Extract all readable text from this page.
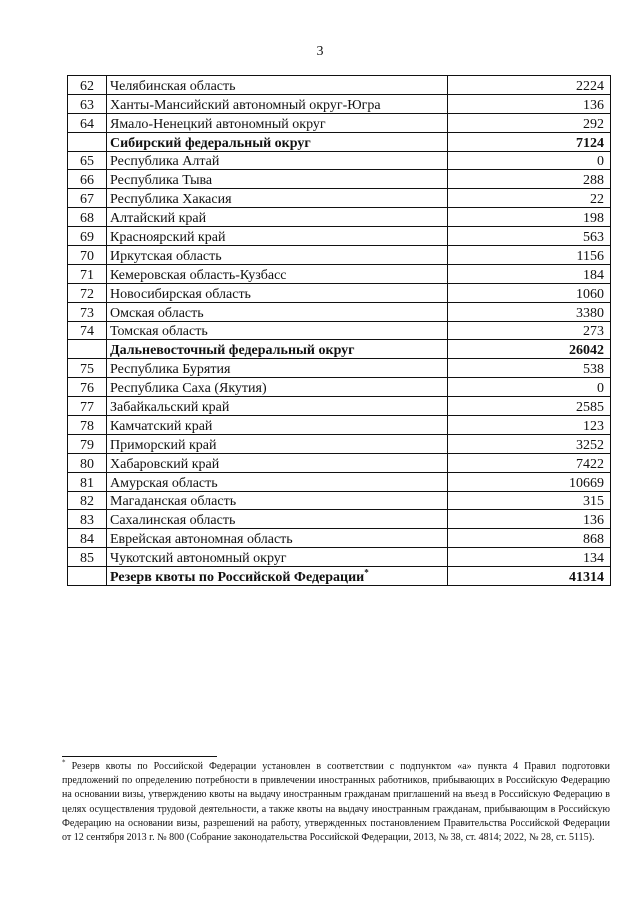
3
62	Челябинская область	2224
63	Ханты-Мансийский автономный округ-Югра	136
64	Ямало-Ненецкий автономный округ	292
	Сибирский федеральный округ	7124
65	Республика Алтай	0
66	Республика Тыва	288
67	Республика Хакасия	22
68	Алтайский край	198
69	Красноярский край	563
70	Иркутская область	1156
71	Кемеровская область-Кузбасс	184
72	Новосибирская область	1060
73	Омская область	3380
74	Томская область	273
	Дальневосточный федеральный округ	26042
75	Республика Бурятия	538
76	Республика Саха (Якутия)	0
77	Забайкальский край	2585
78	Камчатский край	123
79	Приморский край	3252
80	Хабаровский край	7422
81	Амурская область	10669
82	Магаданская область	315
83	Сахалинская область	136
84	Еврейская автономная область	868
85	Чукотский автономный округ	134
	Резерв квоты по Российской Федерации*	41314
* Резерв квоты по Российской Федерации установлен в соответствии с подпунктом «а» пункта 4 Правил подготовки предложений по определению потребности в привлечении иностранных работников, прибывающих в Российскую Федерацию на основании визы, утверждению квоты на выдачу иностранным гражданам приглашений на въезд в Российскую Федерацию в целях осуществления трудовой деятельности, а также квоты на выдачу иностранным гражданам, прибывающим в Российскую Федерацию на основании визы, разрешений на работу, утвержденных постановлением Правительства Российской Федерации от 12 сентября 2013 г. № 800 (Собрание законодательства Российской Федерации, 2013, № 38, ст. 4814; 2022, № 28, ст. 5115).
